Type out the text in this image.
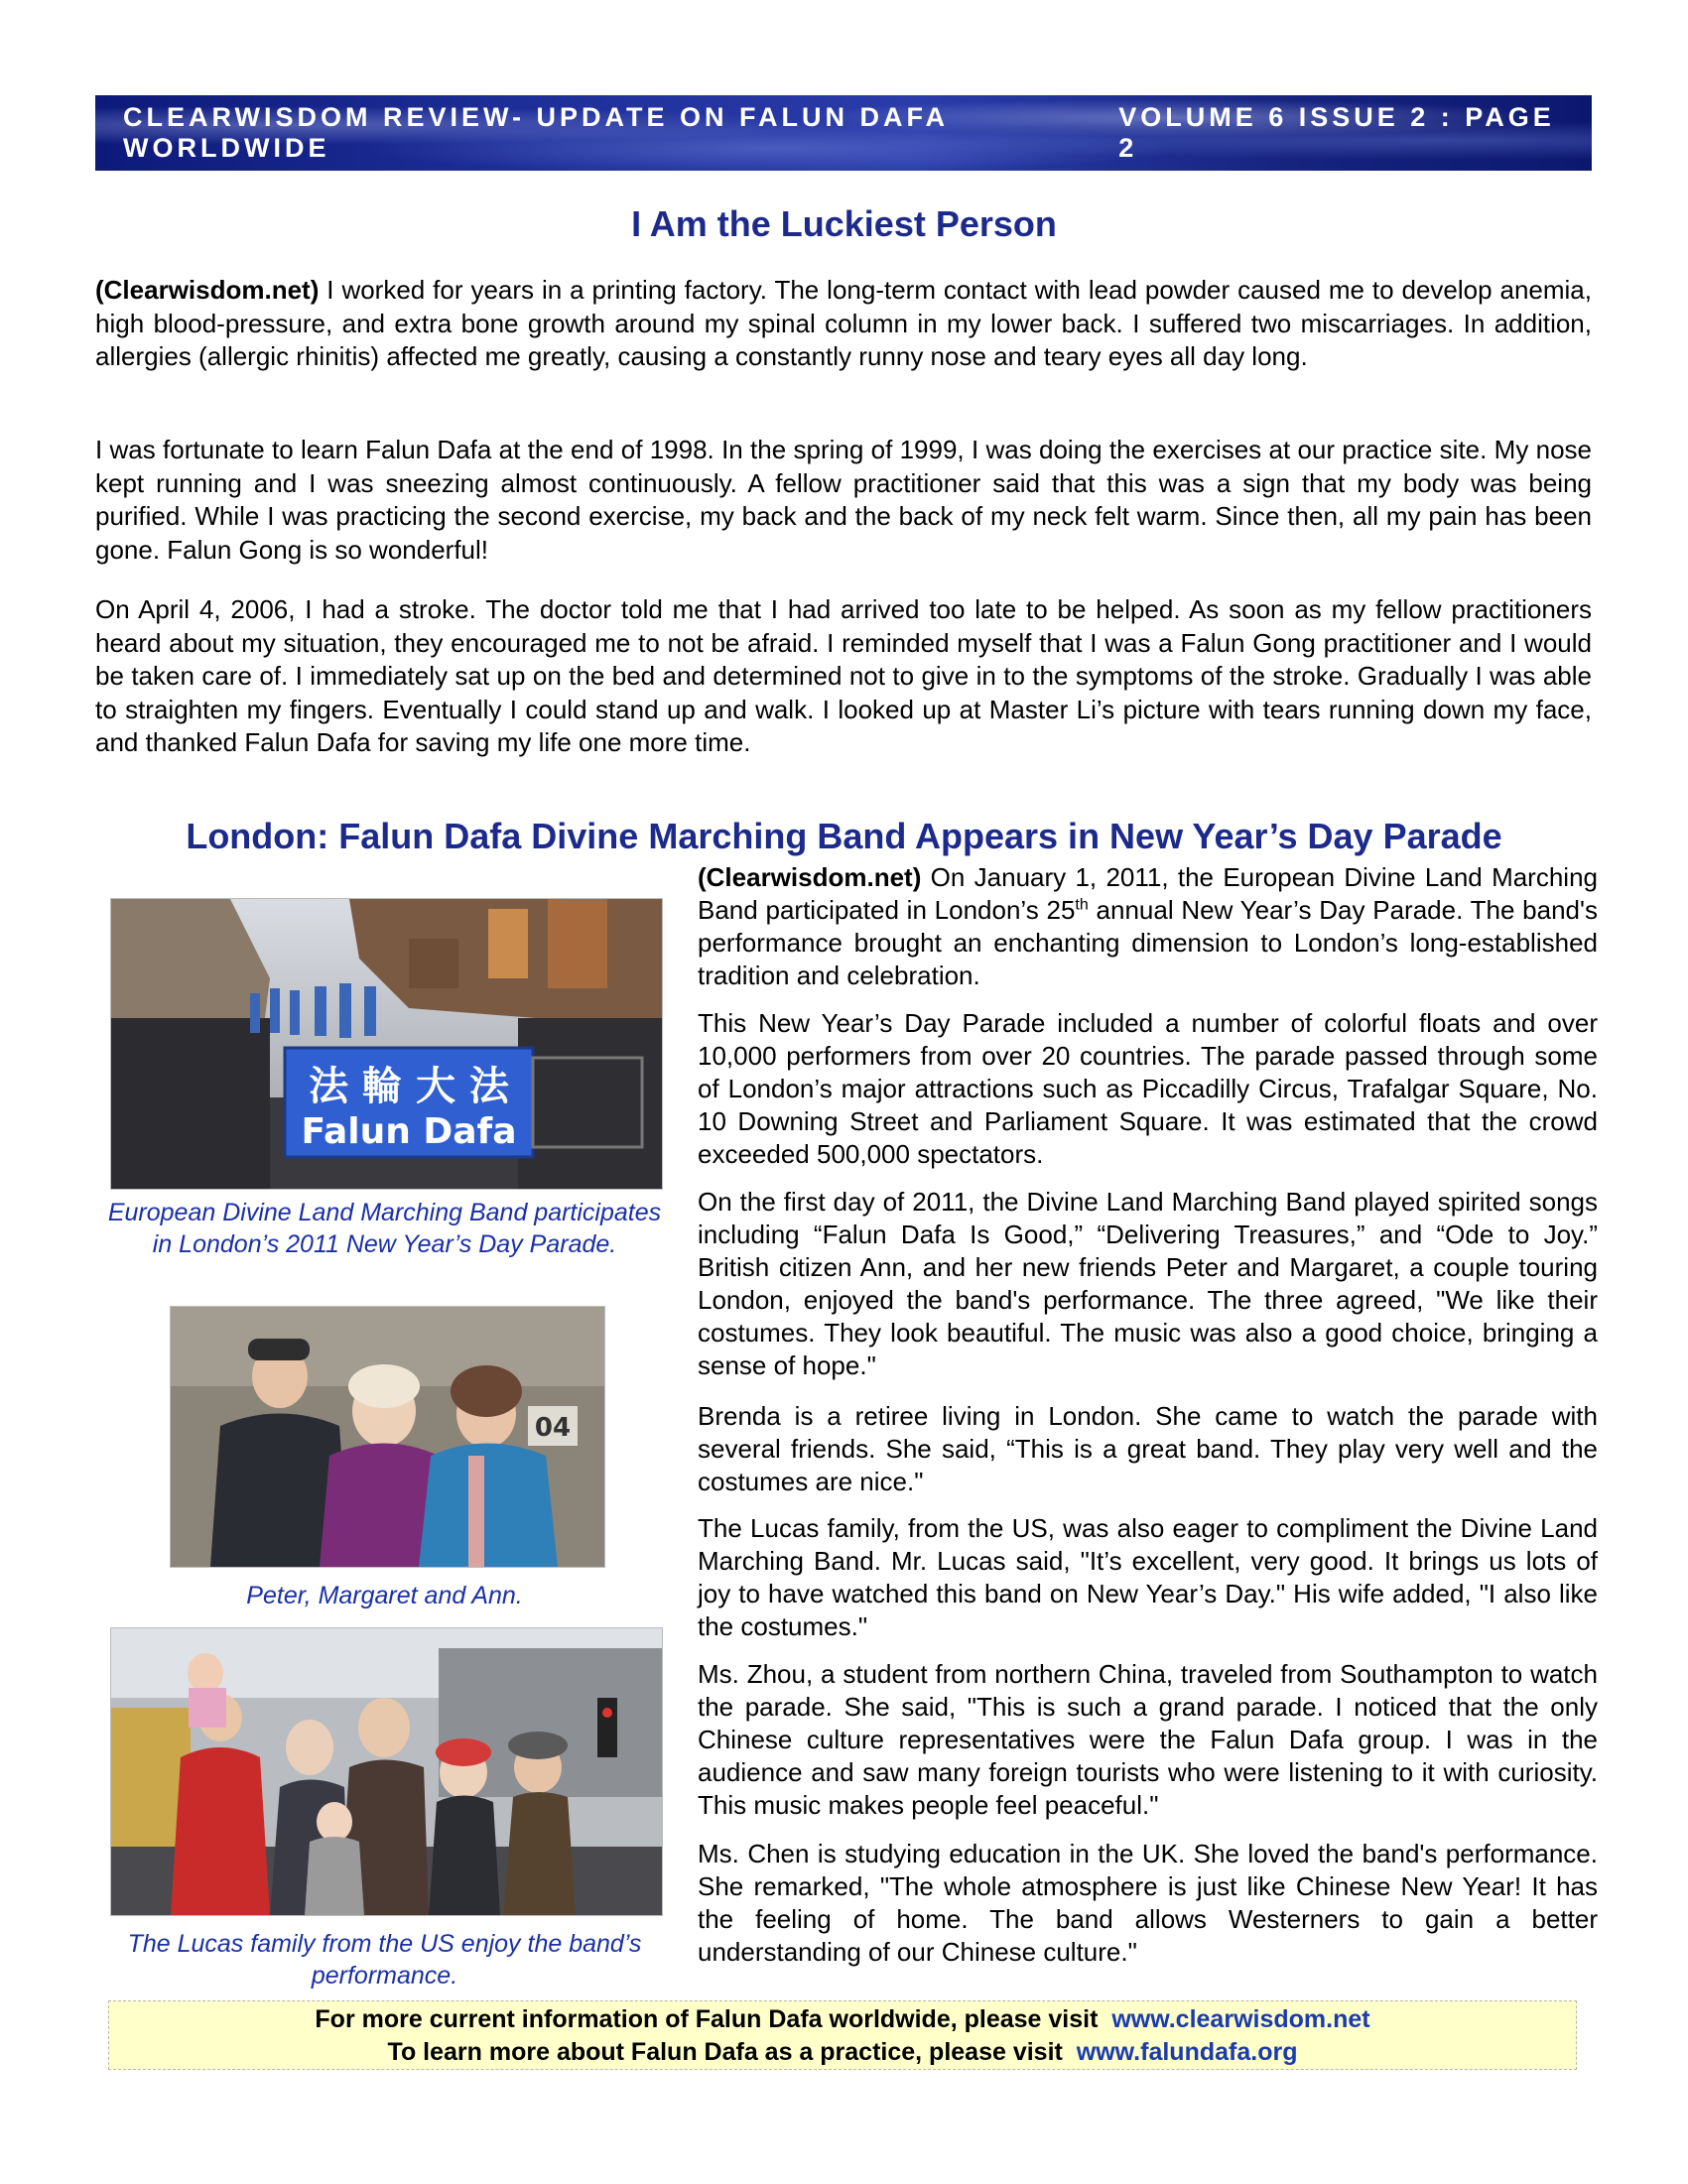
CLEARWISDOM REVIEW- UPDATE ON FALUN DAFA WORLDWIDE
VOLUME 6 ISSUE 2 : PAGE 2
I Am the Luckiest Person

(Clearwisdom.net) I worked for years in a printing factory. The long-term contact with lead powder caused me to develop anemia, high blood-pressure, and extra bone growth around my spinal column in my lower back. I suffered two miscarriages. In addition, allergies (allergic rhinitis) affected me greatly, causing a constantly runny nose and teary eyes all day long.

I was fortunate to learn Falun Dafa at the end of 1998. In the spring of 1999, I was doing the exercises at our practice site. My nose kept running and I was sneezing almost continuously. A fellow practitioner said that this was a sign that my body was being purified. While I was practicing the second exercise, my back and the back of my neck felt warm. Since then, all my pain has been gone. Falun Gong is so wonderful!

On April 4, 2006, I had a stroke. The doctor told me that I had arrived too late to be helped. As soon as my fellow practitioners heard about my situation, they encouraged me to not be afraid. I reminded myself that I was a Falun Gong practitioner and I would be taken care of. I immediately sat up on the bed and determined not to give in to the symptoms of the stroke. Gradually I was able to straighten my fingers. Eventually I could stand up and walk. I looked up at Master Li’s picture with tears running down my face, and thanked Falun Dafa for saving my life one more time.

London: Falun Dafa Divine Marching Band Appears in New Year’s Day Parade
法 輪 大 法
Falun Dafa

European Divine Land Marching Band participates in London’s 2011 New Year’s Day Parade.

04

Peter, Margaret and Ann.

The Lucas family from the US enjoy the band’s performance.

(Clearwisdom.net) On January 1, 2011, the European Divine Land Marching Band participated in London’s 25th annual New Year’s Day Parade. The band's performance brought an enchanting dimension to London’s long-established tradition and celebration.

This New Year’s Day Parade included a number of colorful floats and over 10,000 performers from over 20 countries. The parade passed through some of London’s major attractions such as Piccadilly Circus, Trafalgar Square, No. 10 Downing Street and Parliament Square. It was estimated that the crowd exceeded 500,000 spectators.

On the first day of 2011, the Divine Land Marching Band played spirited songs including “Falun Dafa Is Good,” “Delivering Treasures,” and “Ode to Joy.” British citizen Ann, and her new friends Peter and Margaret, a couple touring London, enjoyed the band's performance. The three agreed, "We like their costumes. They look beautiful. The music was also a good choice, bringing a sense of hope."

Brenda is a retiree living in London. She came to watch the parade with several friends. She said, “This is a great band. They play very well and the costumes are nice."

The Lucas family, from the US, was also eager to compliment the Divine Land Marching Band. Mr. Lucas said, "It’s excellent, very good. It brings us lots of joy to have watched this band on New Year’s Day." His wife added, "I also like the costumes."

Ms. Zhou, a student from northern China, traveled from Southampton to watch the parade. She said, "This is such a grand parade. I noticed that the only Chinese culture representatives were the Falun Dafa group. I was in the audience and saw many foreign tourists who were listening to it with curiosity. This music makes people feel peaceful."

Ms. Chen is studying education in the UK. She loved the band's performance. She remarked, "The whole atmosphere is just like Chinese New Year! It has the feeling of home. The band allows Westerners to gain a better understanding of our Chinese culture."

For more current information of Falun Dafa worldwide, please visit www.clearwisdom.net
To learn more about Falun Dafa as a practice, please visit www.falundafa.org
